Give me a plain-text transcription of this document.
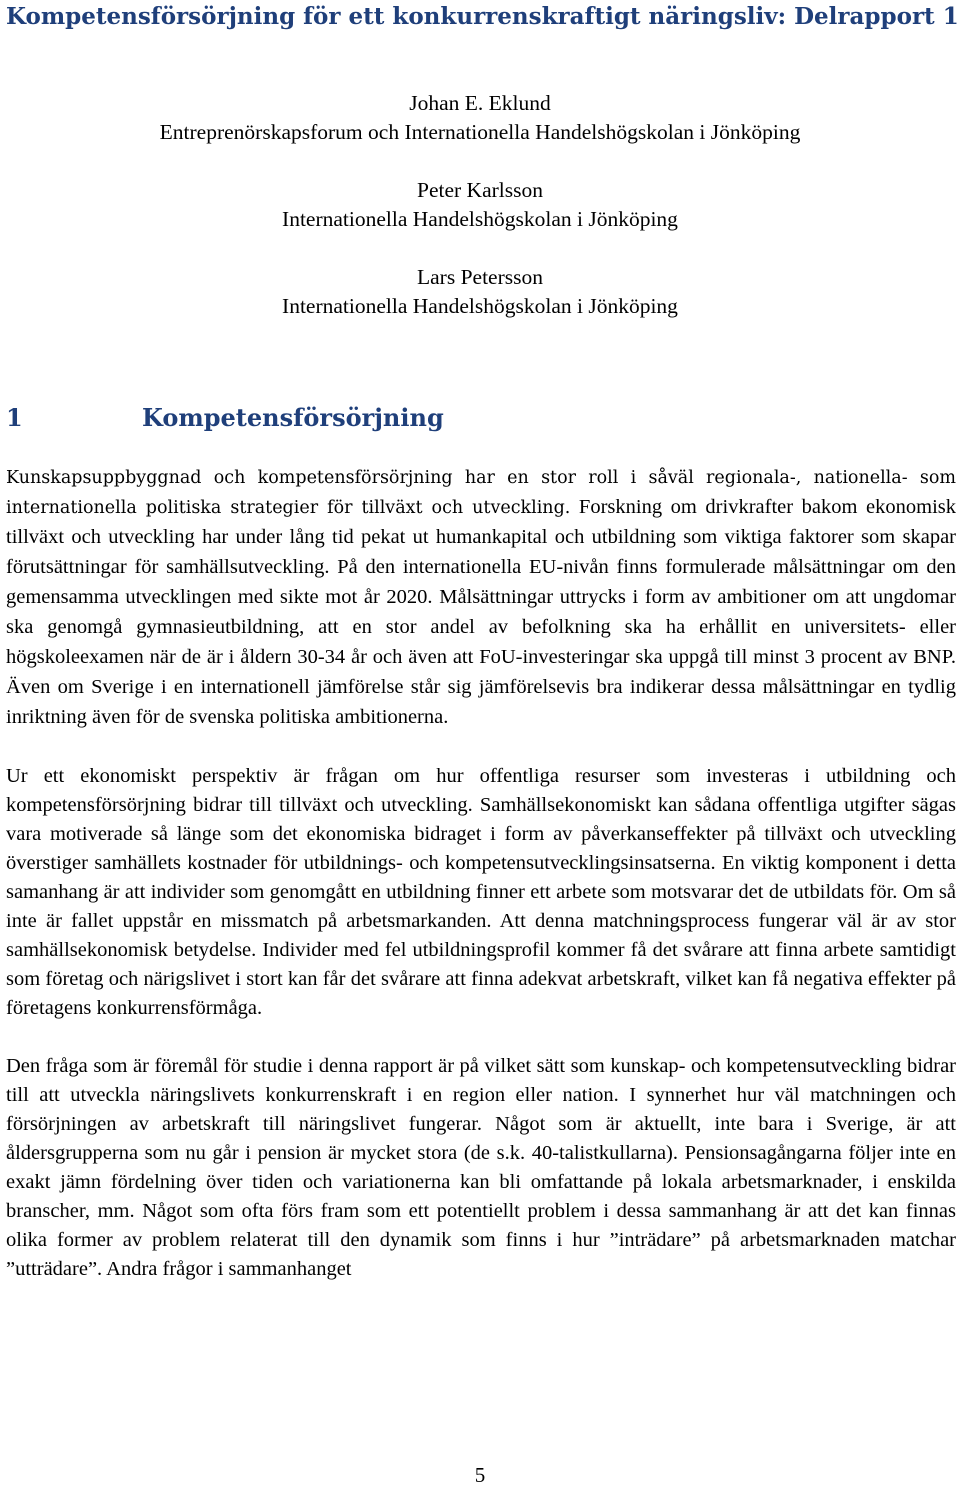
Kompetensförsörjning för ett konkurrenskraftigt näringsliv: Delrapport 1
Johan E. Eklund
Entreprenörskapsforum och Internationella Handelshögskolan i Jönköping
Peter Karlsson
Internationella Handelshögskolan i Jönköping
Lars Petersson
Internationella Handelshögskolan i Jönköping
1	Kompetensförsörjning

Kunskapsuppbyggnad och kompetensförsörjning har en stor roll i såväl regionala-, nationella- som internationella politiska strategier för tillväxt och utveckling. Forskning om drivkrafter bakom ekonomisk tillväxt och utveckling har under lång tid pekat ut humankapital och utbildning som viktiga faktorer som skapar förutsättningar för samhällsutveckling. På den internationella EU-nivån finns formulerade målsättningar om den gemensamma utvecklingen med sikte mot år 2020. Målsättningar uttrycks i form av ambitioner om att ungdomar ska genomgå gymnasieutbildning, att en stor andel av befolkning ska ha erhållit en universitets- eller högskoleexamen när de är i åldern 30-34 år och även att FoU-investeringar ska uppgå till minst 3 procent av BNP. Även om Sverige i en internationell jämförelse står sig jämförelsevis bra indikerar dessa målsättningar en tydlig inriktning även för de svenska politiska ambitionerna.

Ur ett ekonomiskt perspektiv är frågan om hur offentliga resurser som investeras i utbildning och kompetensförsörjning bidrar till tillväxt och utveckling. Samhällsekonomiskt kan sådana offentliga utgifter sägas vara motiverade så länge som det ekonomiska bidraget i form av påverkanseffekter på tillväxt och utveckling överstiger samhällets kostnader för utbildnings- och kompetensutvecklingsinsatserna. En viktig komponent i detta samanhang är att individer som genomgått en utbildning finner ett arbete som motsvarar det de utbildats för. Om så inte är fallet uppstår en missmatch på arbetsmarkanden. Att denna matchningsprocess fungerar väl är av stor samhällsekonomisk betydelse. Individer med fel utbildningsprofil kommer få det svårare att finna arbete samtidigt som företag och närigslivet i stort kan får det svårare att finna adekvat arbetskraft, vilket kan få negativa effekter på företagens konkurrensförmåga.

Den fråga som är föremål för studie i denna rapport är på vilket sätt som kunskap- och kompetensutveckling bidrar till att utveckla näringslivets konkurrenskraft i en region eller nation. I synnerhet hur väl matchningen och försörjningen av arbetskraft till näringslivet fungerar. Något som är aktuellt, inte bara i Sverige, är att åldersgrupperna som nu går i pension är mycket stora (de s.k. 40-talistkullarna). Pensionsagångarna följer inte en exakt jämn fördelning över tiden och variationerna kan bli omfattande på lokala arbetsmarknader, i enskilda branscher, mm. Något som ofta förs fram som ett potentiellt problem i dessa sammanhang är att det kan finnas olika former av problem relaterat till den dynamik som finns i hur ”inträdare” på arbetsmarknaden matchar ”utträdare”. Andra frågor i sammanhanget

5
